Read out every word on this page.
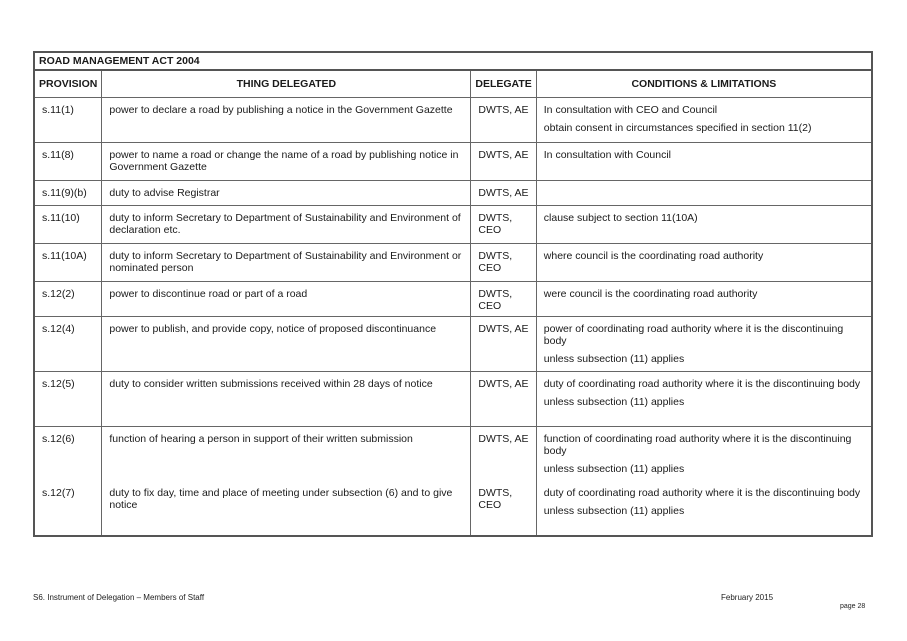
ROAD MANAGEMENT ACT 2004			
PROVISION	THING DELEGATED	DELEGATE	CONDITIONS & LIMITATIONS
s.11(1)	power to declare a road by publishing a notice in the Government Gazette	DWTS, AE	In consultation with CEO and Council
obtain consent in circumstances specified in section 11(2)

s.11(8)	power to name a road or change the name of a road by publishing notice in Government Gazette	DWTS, AE	In consultation with Council

s.11(9)(b)	duty to advise Registrar	DWTS, AE	
s.11(10)	duty to inform Secretary to Department of Sustainability and Environment of declaration etc.	DWTS, CEO	clause subject to section 11(10A)

s.11(10A)	duty to inform Secretary to Department of Sustainability and Environment or nominated person	DWTS, CEO	where council is the coordinating road authority

s.12(2)	power to discontinue road or part of a road	DWTS, CEO	were council is the coordinating road authority

s.12(4)	power to publish, and provide copy, notice of proposed discontinuance	DWTS, AE	power of coordinating road authority where it is the discontinuing body
unless subsection (11) applies

s.12(5)	duty to consider written submissions received within 28 days of notice	DWTS, AE	duty of coordinating road authority where it is the discontinuing body
unless subsection (11) applies

s.12(6)	function of hearing a person in support of their written submission	DWTS, AE	function of coordinating road authority where it is the discontinuing body
unless subsection (11) applies

s.12(7)	duty to fix day, time and place of meeting under subsection (6) and to give notice	DWTS, CEO	duty of coordinating road authority where it is the discontinuing body
unless subsection (11) applies
S6. Instrument of Delegation – Members of Staff	February 2015
page 28
